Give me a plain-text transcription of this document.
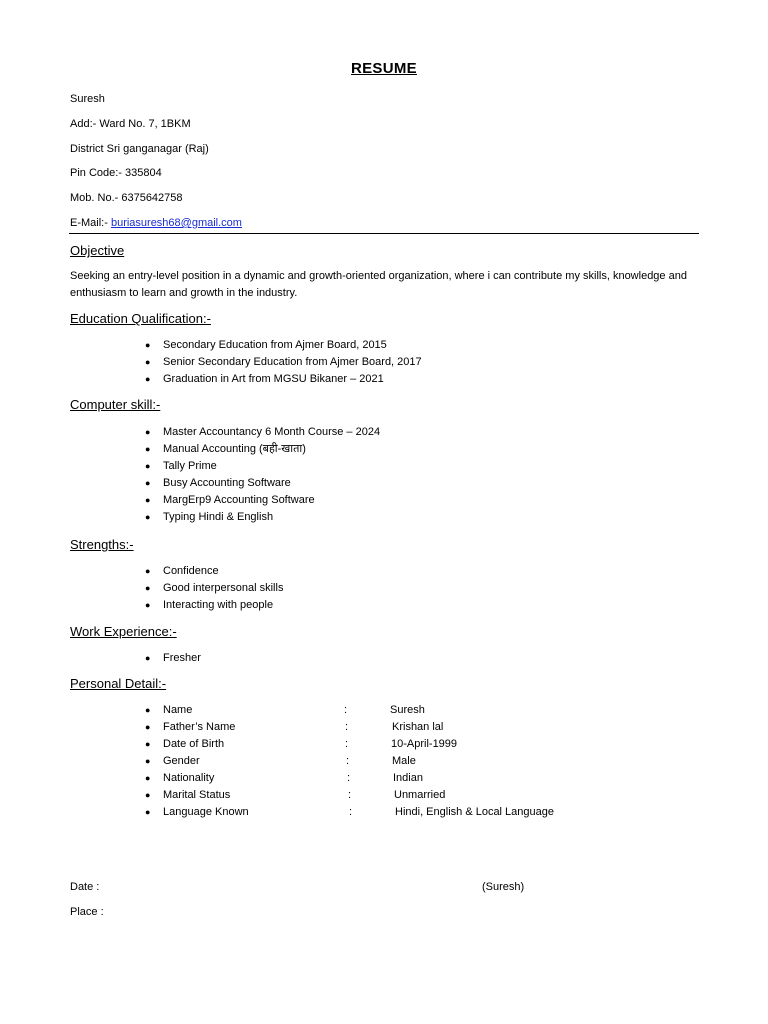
RESUME
Suresh
Add:- Ward No. 7, 1BKM
District Sri ganganagar (Raj)
Pin Code:- 335804
Mob. No.- 6375642758
E-Mail:- buriasuresh68@gmail.com
Objective
Seeking an entry-level position in a dynamic and growth-oriented organization, where i can contribute my skills, knowledge and enthusiasm to learn and growth in the industry.
Education Qualification:-
● Secondary Education from Ajmer Board, 2015
● Senior Secondary Education from Ajmer Board, 2017
● Graduation in Art from MGSU Bikaner – 2021
Computer skill:-
● Master Accountancy 6 Month Course – 2024
● Manual Accounting (बही-खाता)
● Tally Prime
● Busy Accounting Software
● MargErp9 Accounting Software
● Typing Hindi & English
Strengths:-
● Confidence
● Good interpersonal skills
● Interacting with people
Work Experience:-
● Fresher
Personal Detail:-
● Name	:	Suresh
● Father’s Name	:	Krishan lal
● Date of Birth	:	10-April-1999
● Gender	:	Male
● Nationality	:	Indian
● Marital Status	:	Unmarried
● Language Known	:	Hindi, English & Local Language
Date :	(Suresh)
Place :
